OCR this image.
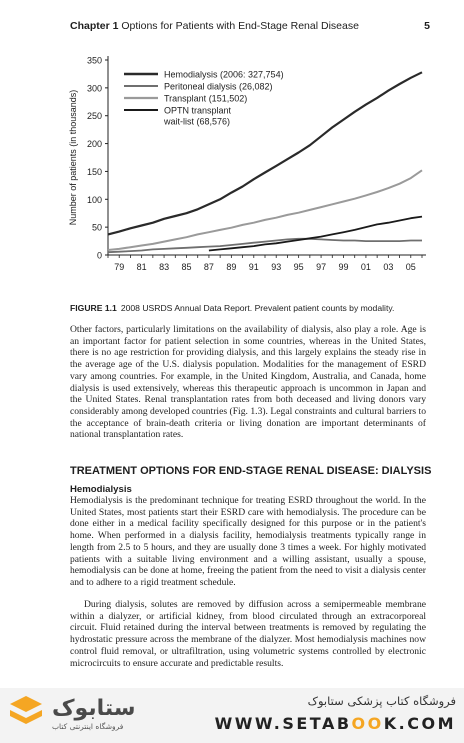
Chapter 1 Options for Patients with End-Stage Renal Disease	5
0
50
100
150
200
250
300
350
79 81 83 85 87 89 91 93 95 97 99 01 03 05
Number of patients (in thousands)
Hemodialysis (2006: 327,754)
Peritoneal dialysis (26,082)
Transplant (151,502)
OPTN transplant wait-list (68,576)
FIGURE 1.1 2008 USRDS Annual Data Report. Prevalent patient counts by modality.

Other factors, particularly limitations on the availability of dialysis, also play a role. Age is an important factor for patient selection in some countries, whereas in the United States, there is no age restriction for providing dialysis, and this largely explains the steady rise in the average age of the U.S. dialysis population. Modalities for the management of ESRD vary among countries. For example, in the United Kingdom, Australia, and Canada, home dialysis is used extensively, whereas this therapeutic approach is uncommon in Japan and the United States. Renal transplantation rates from both deceased and living donors vary considerably among developed countries (Fig. 1.3). Legal constraints and cultural barriers to the acceptance of brain-death criteria or living donation are important determinants of national transplantation rates.

TREATMENT OPTIONS FOR END-STAGE RENAL DISEASE: DIALYSIS
Hemodialysis

Hemodialysis is the predominant technique for treating ESRD throughout the world. In the United States, most patients start their ESRD care with hemodialysis. The procedure can be done either in a medical facility specifically designed for this purpose or in the patient's home. When performed in a dialysis facility, hemodialysis treatments typically range in length from 2.5 to 5 hours, and they are usually done 3 times a week. For highly motivated patients with a suitable living environment and a willing assistant, usually a spouse, hemodialysis can be done at home, freeing the patient from the need to visit a dialysis center and to adhere to a rigid treatment schedule.

During dialysis, solutes are removed by diffusion across a semipermeable membrane within a dialyzer, or artificial kidney, from blood circulated through an extracorporeal circuit. Fluid retained during the interval between treatments is removed by regulating the hydrostatic pressure across the membrane of the dialyzer. Most hemodialysis machines now control fluid removal, or ultrafiltration, using volumetric systems controlled by electronic microcircuits to ensure accurate and predictable results.

ستابوک
فروشگاه اینترنتی کتاب
فروشگاه کتاب پزشکی ستابوک
WWW.SETABOOK.COM
